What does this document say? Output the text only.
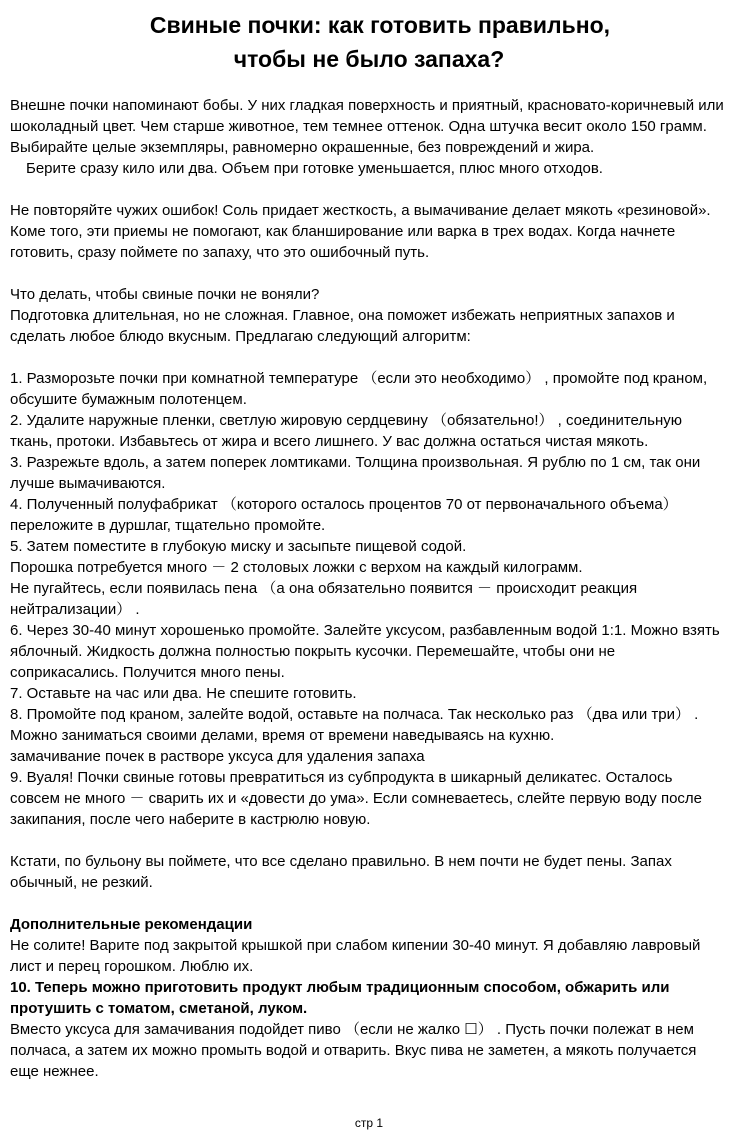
Свиные почки: как готовить правильно,
чтобы не было запаха?

Внешне почки напоминают бобы. У них гладкая поверхность и приятный, красновато-коричневый или шоколадный цвет. Чем старше животное, тем темнее оттенок. Одна штучка весит около 150 грамм. Выбирайте целые экземпляры, равномерно окрашенные, без повреждений и жира.

Берите сразу кило или два. Объем при готовке уменьшается, плюс много отходов.

Не повторяйте чужих ошибок! Соль придает жесткость, а вымачивание делает мякоть «резиновой». Коме того, эти приемы не помогают, как бланширование или варка в трех водах. Когда начнете готовить, сразу поймете по запаху, что это ошибочный путь.

Что делать, чтобы свиные почки не воняли?

Подготовка длительная, но не сложная. Главное, она поможет избежать неприятных запахов и сделать любое блюдо вкусным. Предлагаю следующий алгоритм:

1. Разморозьте почки при комнатной температуре （если это необходимо） , промойте под краном, обсушите бумажным полотенцем.

2. Удалите наружные пленки, светлую жировую сердцевину （обязательно!） , соединительную ткань, протоки. Избавьтесь от жира и всего лишнего. У вас должна остаться чистая мякоть.

3. Разрежьте вдоль, а затем поперек ломтиками. Толщина произвольная. Я рублю по 1 см, так они лучше вымачиваются.

4. Полученный полуфабрикат （которого осталось процентов 70 от первоначального объема） переложите в дуршлаг, тщательно промойте.

5. Затем поместите в глубокую миску и засыпьте пищевой содой.

Порошка потребуется много － 2 столовых ложки с верхом на каждый килограмм.

Не пугайтесь, если появилась пена （а она обязательно появится － происходит реакция нейтрализации） .

6. Через 30-40 минут хорошенько промойте. Залейте уксусом, разбавленным водой 1:1. Можно взять яблочный. Жидкость должна полностью покрыть кусочки. Перемешайте, чтобы они не соприкасались. Получится много пены.

7. Оставьте на час или два. Не спешите готовить.

8. Промойте под краном, залейте водой, оставьте на полчаса. Так несколько раз （два или три） . Можно заниматься своими делами, время от времени наведываясь на кухню.

замачивание почек в растворе уксуса для удаления запаха

9. Вуаля! Почки свиные готовы превратиться из субпродукта в шикарный деликатес. Осталось совсем не много － сварить их и «довести до ума». Если сомневаетесь, слейте первую воду после закипания, после чего наберите в кастрюлю новую.

Кстати, по бульону вы поймете, что все сделано правильно. В нем почти не будет пены. Запах обычный, не резкий.

Дополнительные рекомендации

Не солите! Варите под закрытой крышкой при слабом кипении 30-40 минут. Я добавляю лавровый лист и перец горошком. Люблю их.

10. Теперь можно приготовить продукт любым традиционным способом, обжарить или протушить с томатом, сметаной, луком.

Вместо уксуса для замачивания подойдет пиво （если не жалко ☐） . Пусть почки полежат в нем полчаса, а затем их можно промыть водой и отварить. Вкус пива не заметен, а мякоть получается еще нежнее.

стр 1
